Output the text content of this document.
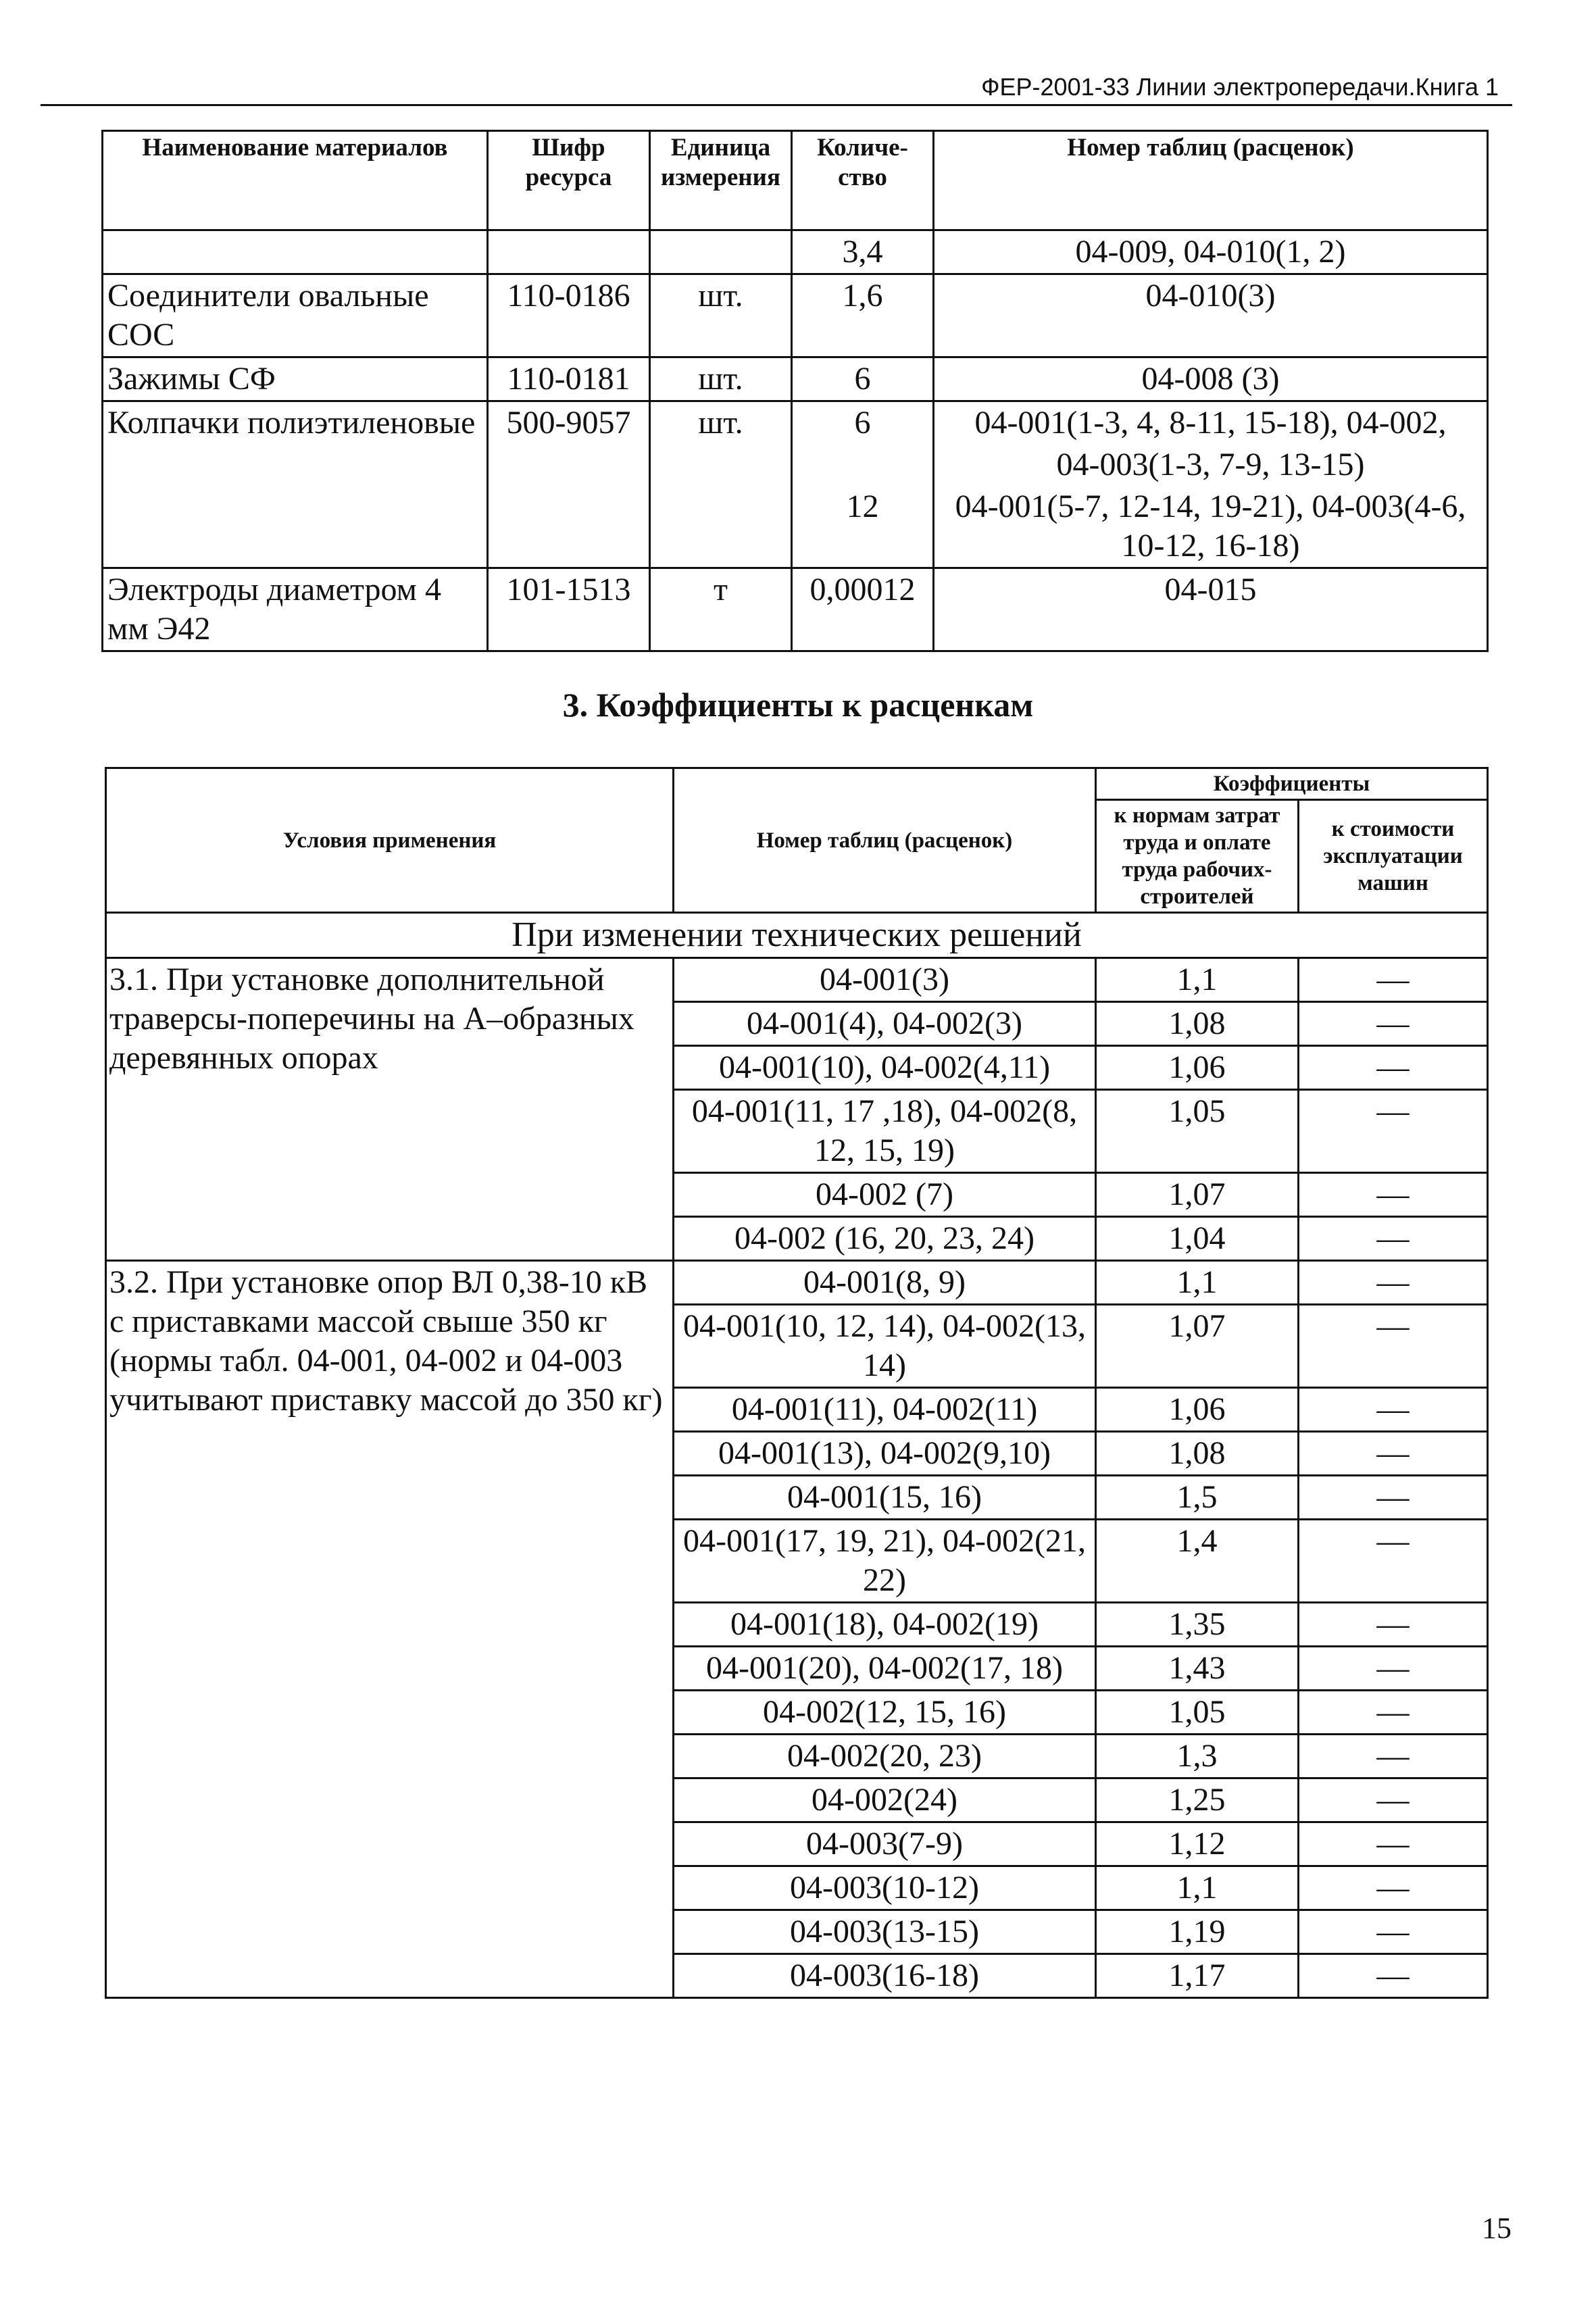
ФЕР-2001-33 Линии электропередачи.Книга 1
Наименование материалов	Шифр ресурса	Единица измерения	Количество	Номер таблиц (расценок)
			3,4	04-009, 04-010(1, 2)
Соединители овальные СОС	110-0186	шт.	1,6	04-010(3)
Зажимы СФ	110-0181	шт.	6	04-008 (3)
Колпачки полиэтиленовые	500-9057	шт.	6	04-001(1-3, 4, 8-11, 15-18), 04-002,
				04-003(1-3, 7-9, 13-15)
			12	04-001(5-7, 12-14, 19-21), 04-003(4-6, 10-12, 16-18)
Электроды диаметром 4 мм Э42	101-1513	т	0,00012	04-015
3. Коэффициенты к расценкам
Условия применения	Номер таблиц (расценок)	Коэффициенты	
		к нормам затрат труда и оплате труда рабочих-строителей	к стоимости эксплуатации машин
При изменении технических решений			
3.1. При установке дополнительной траверсы-поперечины на А–образных деревянных опорах	04-001(3)	1,1	—
	04-001(4), 04-002(3)	1,08	—
	04-001(10), 04-002(4,11)	1,06	—
	04-001(11, 17 ,18), 04-002(8, 12, 15, 19)	1,05	—
	04-002 (7)	1,07	—
	04-002 (16, 20, 23, 24)	1,04	—
3.2. При установке опор ВЛ 0,38-10 кВ с приставками массой свыше 350 кг (нормы табл. 04-001, 04-002 и 04-003 учитывают приставку массой до 350 кг)	04-001(8, 9)	1,1	—
	04-001(10, 12, 14), 04-002(13, 14)	1,07	—
	04-001(11), 04-002(11)	1,06	—
	04-001(13), 04-002(9,10)	1,08	—
	04-001(15, 16)	1,5	—
	04-001(17, 19, 21), 04-002(21, 22)	1,4	—
	04-001(18), 04-002(19)	1,35	—
	04-001(20), 04-002(17, 18)	1,43	—
	04-002(12, 15, 16)	1,05	—
	04-002(20, 23)	1,3	—
	04-002(24)	1,25	—
	04-003(7-9)	1,12	—
	04-003(10-12)	1,1	—
	04-003(13-15)	1,19	—
	04-003(16-18)	1,17	—
15
